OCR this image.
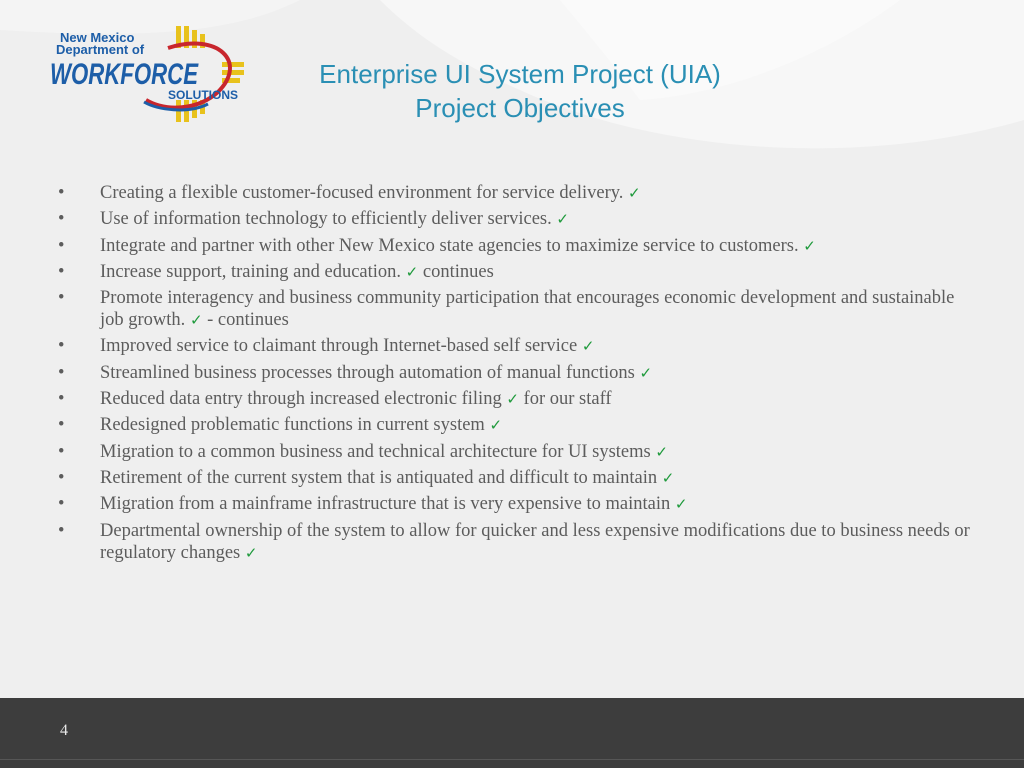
New Mexico
Department of
WORKFORCE
SOLUTIONS
Enterprise UI System Project (UIA)
Project Objectives
•	Creating a flexible customer-focused environment for service delivery. ✓
•	Use of information technology to efficiently deliver services. ✓
•	Integrate and partner with other New Mexico state agencies to maximize service to customers. ✓
•	Increase support, training and education. ✓ continues
•	Promote interagency and business community participation that encourages economic development and sustainable job growth. ✓ - continues
•	Improved service to claimant through Internet-based self service ✓
•	Streamlined business processes through automation of manual functions ✓
•	Reduced data entry through increased electronic filing ✓ for our staff
•	Redesigned problematic functions in current system ✓
•	Migration to a common business and technical architecture for UI systems ✓
•	Retirement of the current system that is antiquated and difficult to maintain ✓
•	Migration from a mainframe infrastructure that is very expensive to maintain ✓
•	Departmental ownership of the system to allow for quicker and less expensive modifications due to business needs or regulatory changes ✓
4
